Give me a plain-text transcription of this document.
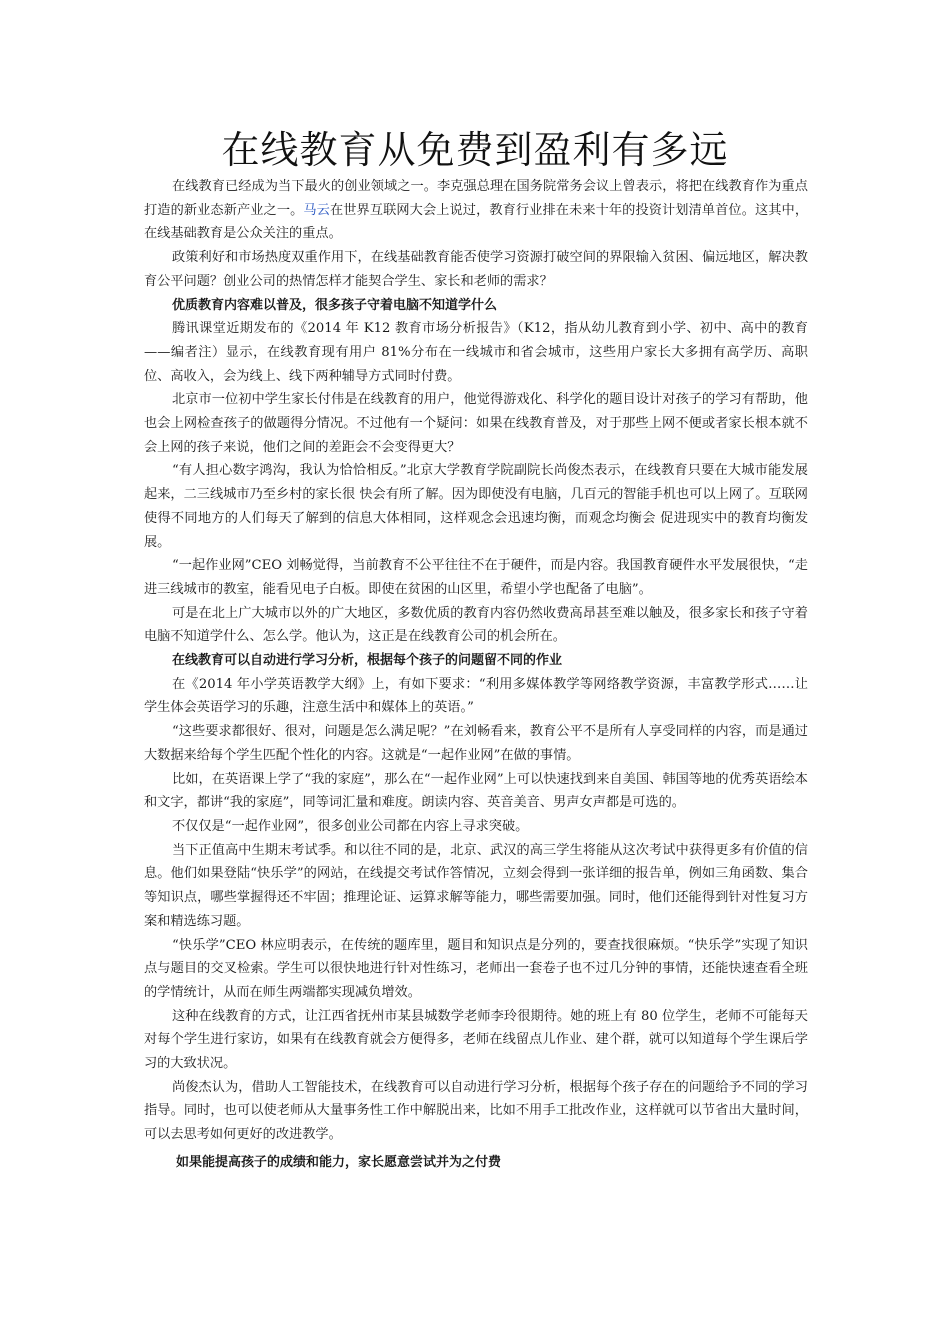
在线教育从免费到盈利有多远

在线教育已经成为当下最火的创业领域之一。李克强总理在国务院常务会议上曾表示，将把在线教育作为重点打造的新业态新产业之一。马云在世界互联网大会上说过，教育行业排在未来十年的投资计划清单首位。这其中，在线基础教育是公众关注的重点。

政策利好和市场热度双重作用下，在线基础教育能否使学习资源打破空间的界限输入贫困、偏远地区，解决教育公平问题？创业公司的热情怎样才能契合学生、家长和老师的需求？

优质教育内容难以普及，很多孩子守着电脑不知道学什么

腾讯课堂近期发布的《2014 年 K12 教育市场分析报告》（K12，指从幼儿教育到小学、初中、高中的教育——编者注）显示，在线教育现有用户 81%分布在一线城市和省会城市，这些用户家长大多拥有高学历、高职位、高收入，会为线上、线下两种辅导方式同时付费。

北京市一位初中学生家长付伟是在线教育的用户，他觉得游戏化、科学化的题目设计对孩子的学习有帮助，他也会上网检查孩子的做题得分情况。不过他有一个疑问：如果在线教育普及，对于那些上网不便或者家长根本就不会上网的孩子来说，他们之间的差距会不会变得更大？

“有人担心数字鸿沟，我认为恰恰相反。”北京大学教育学院副院长尚俊杰表示，在线教育只要在大城市能发展起来，二三线城市乃至乡村的家长很 快会有所了解。因为即使没有电脑，几百元的智能手机也可以上网了。互联网使得不同地方的人们每天了解到的信息大体相同，这样观念会迅速均衡，而观念均衡会 促进现实中的教育均衡发展。

“一起作业网”CEO 刘畅觉得，当前教育不公平往往不在于硬件，而是内容。我国教育硬件水平发展很快，“走进三线城市的教室，能看见电子白板。即使在贫困的山区里，希望小学也配备了电脑”。

可是在北上广大城市以外的广大地区，多数优质的教育内容仍然收费高昂甚至难以触及，很多家长和孩子守着电脑不知道学什么、怎么学。他认为，这正是在线教育公司的机会所在。

在线教育可以自动进行学习分析，根据每个孩子的问题留不同的作业

在《2014 年小学英语教学大纲》上，有如下要求：“利用多媒体教学等网络教学资源，丰富教学形式……让学生体会英语学习的乐趣，注意生活中和媒体上的英语。”

“这些要求都很好、很对，问题是怎么满足呢？”在刘畅看来，教育公平不是所有人享受同样的内容，而是通过大数据来给每个学生匹配个性化的内容。这就是“一起作业网”在做的事情。

比如，在英语课上学了“我的家庭”，那么在“一起作业网”上可以快速找到来自美国、韩国等地的优秀英语绘本和文字，都讲“我的家庭”，同等词汇量和难度。朗读内容、英音美音、男声女声都是可选的。

不仅仅是“一起作业网”，很多创业公司都在内容上寻求突破。

当下正值高中生期末考试季。和以往不同的是，北京、武汉的高三学生将能从这次考试中获得更多有价值的信息。他们如果登陆“快乐学”的网站，在线提交考试作答情况，立刻会得到一张详细的报告单，例如三角函数、集合等知识点，哪些掌握得还不牢固；推理论证、运算求解等能力，哪些需要加强。同时，他们还能得到针对性复习方案和精选练习题。

“快乐学”CEO 林应明表示，在传统的题库里，题目和知识点是分列的，要查找很麻烦。“快乐学”实现了知识点与题目的交叉检索。学生可以很快地进行针对性练习，老师出一套卷子也不过几分钟的事情，还能快速查看全班的学情统计，从而在师生两端都实现减负增效。

这种在线教育的方式，让江西省抚州市某县城数学老师李玲很期待。她的班上有 80 位学生，老师不可能每天对每个学生进行家访，如果有在线教育就会方便得多，老师在线留点儿作业、建个群，就可以知道每个学生课后学习的大致状况。

尚俊杰认为，借助人工智能技术，在线教育可以自动进行学习分析，根据每个孩子存在的问题给予不同的学习指导。同时，也可以使老师从大量事务性工作中解脱出来，比如不用手工批改作业，这样就可以节省出大量时间，可以去思考如何更好的改进教学。

如果能提高孩子的成绩和能力，家长愿意尝试并为之付费
